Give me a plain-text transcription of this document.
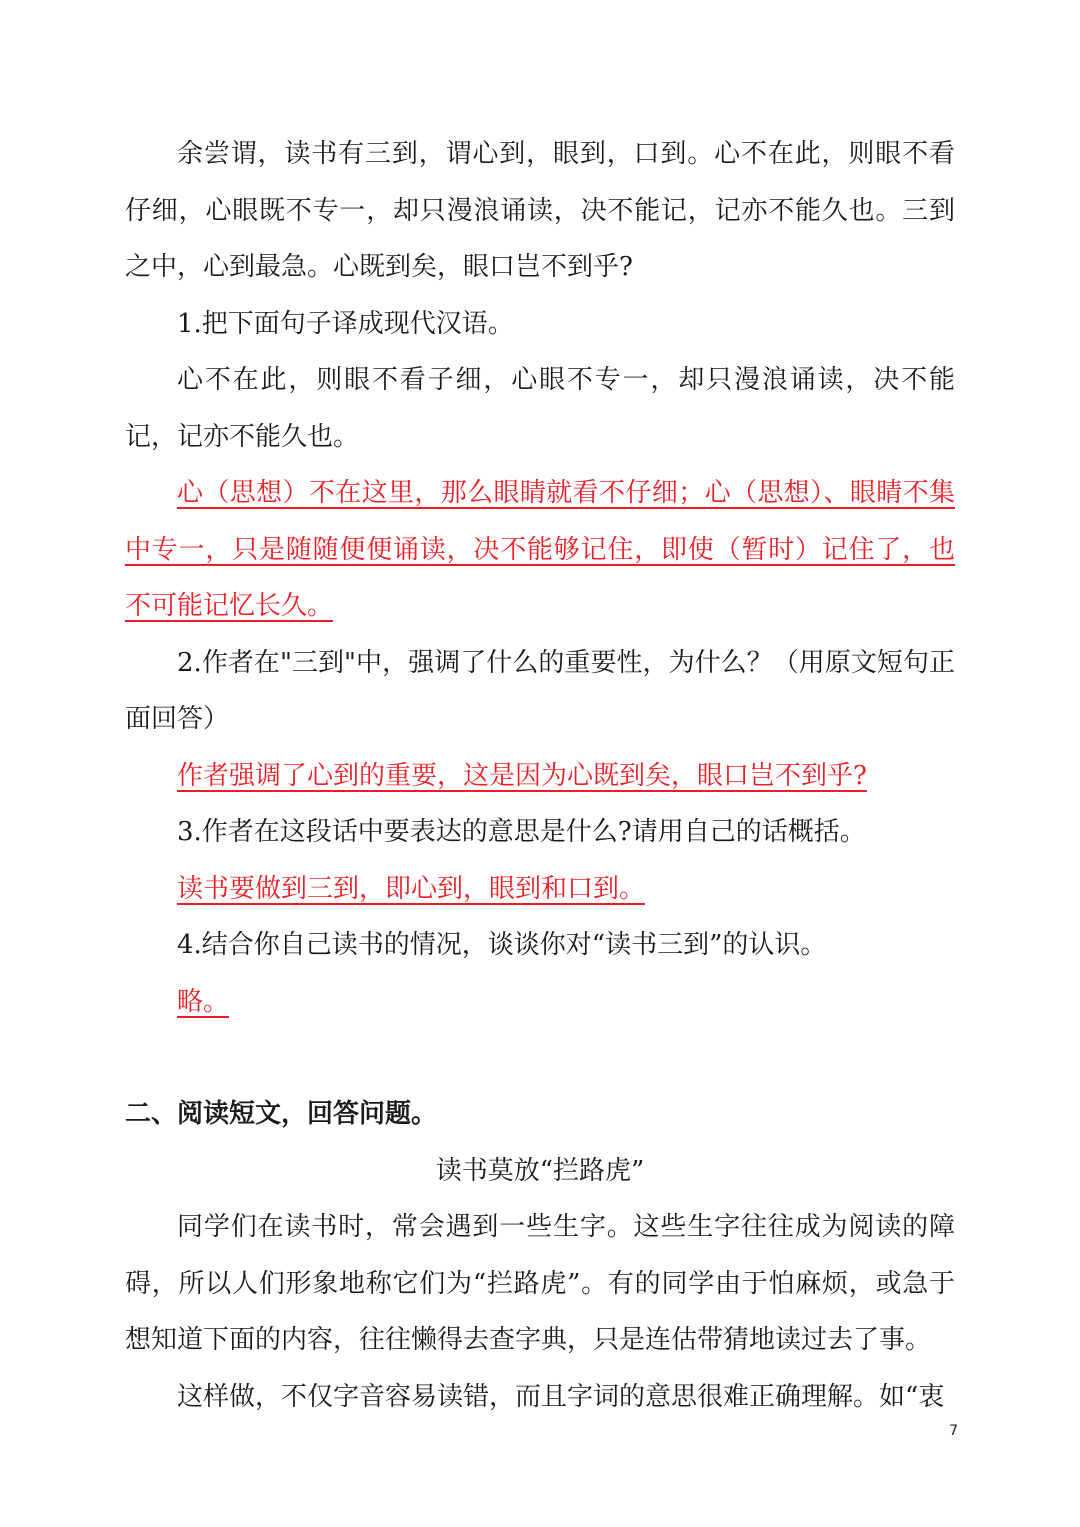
余尝谓，读书有三到，谓心到，眼到，口到。心不在此，则眼不看仔细，心眼既不专一，却只漫浪诵读，决不能记，记亦不能久也。三到之中，心到最急。心既到矣，眼口岂不到乎?

1.把下面句子译成现代汉语。

心不在此，则眼不看子细，心眼不专一，却只漫浪诵读，决不能记，记亦不能久也。

心（思想）不在这里，那么眼睛就看不仔细；心（思想）、眼睛不集中专一，只是随随便便诵读，决不能够记住，即使（暂时）记住了，也不可能记忆长久。

2.作者在"三到"中，强调了什么的重要性，为什么？（用原文短句正面回答）

作者强调了心到的重要，这是因为心既到矣，眼口岂不到乎?

3.作者在这段话中要表达的意思是什么?请用自己的话概括。

读书要做到三到，即心到，眼到和口到。

4.结合你自己读书的情况，谈谈你对“读书三到”的认识。

略。

二、阅读短文，回答问题。

读书莫放“拦路虎”

同学们在读书时，常会遇到一些生字。这些生字往往成为阅读的障碍，所以人们形象地称它们为“拦路虎”。有的同学由于怕麻烦，或急于想知道下面的内容，往往懒得去查字典，只是连估带猜地读过去了事。

这样做，不仅字音容易读错，而且字词的意思很难正确理解。如“衷

7
